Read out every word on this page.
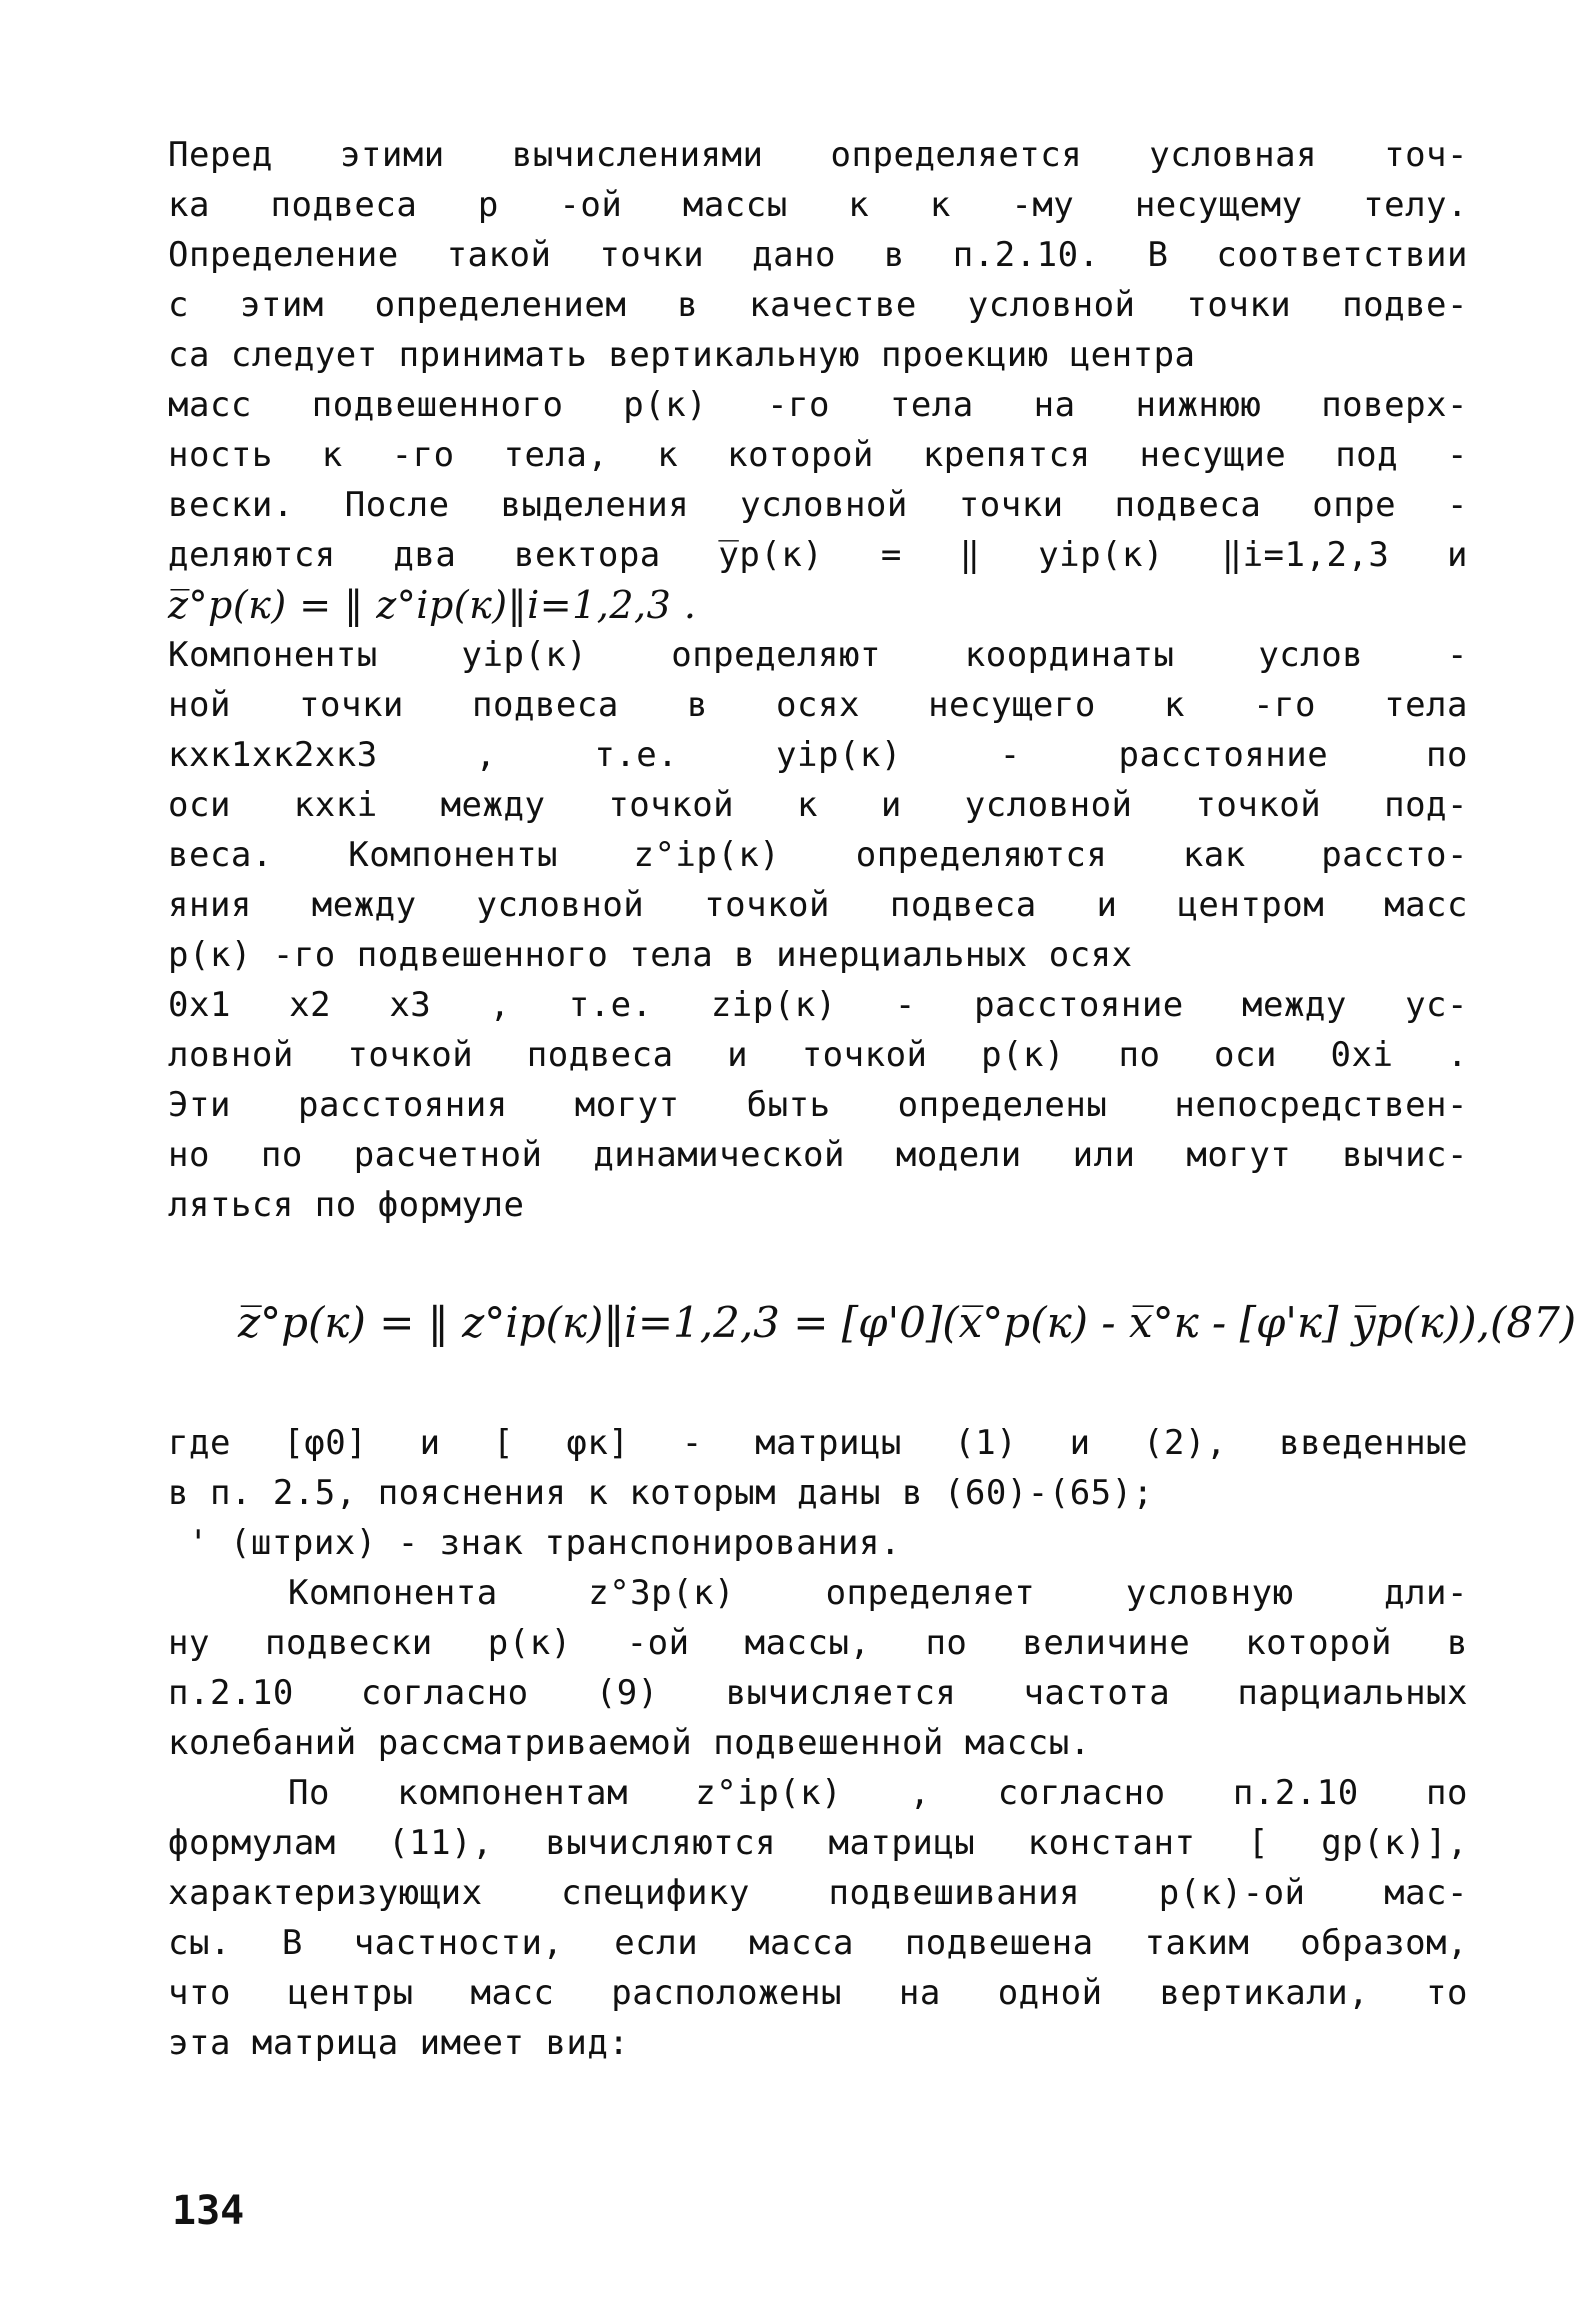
Перед этими вычислениями определяется условная точ-
ка подвеса p -ой массы к к -му несущему телу.
Определение такой точки дано в п.2.10. В соответствии
с этим определением в качестве условной точки подве-
са следует принимать вертикальную проекцию центра
масс подвешенного p(к) -го тела на нижнюю поверх-
ность к -го тела, к которой крепятся несущие под -
вески. После выделения условной точки подвеса опре -
деляются два вектора y̅p(к) = ‖ yip(к) ‖i=1,2,3 и
z̅°p(к) = ‖ z°ip(к)‖i=1,2,3 .
Компоненты yip(к) определяют координаты услов -
ной точки подвеса в осях несущего к -го тела
кxк1xк2xк3 , т.е. yip(к) - расстояние по
оси кxкi между точкой к и условной точкой под-
веса. Компоненты z°ip(к) определяются как рассто-
яния между условной точкой подвеса и центром масс
p(к) -го подвешенного тела в инерциальных осях
0x1 x2 x3 , т.е. zip(к) - расстояние между ус-
ловной точкой подвеса и точкой p(к) по оси 0xi .
Эти расстояния могут быть определены непосредствен-
но по расчетной динамической модели или могут вычис-
ляться по формуле
z̅°p(к) = ‖ z°ip(к)‖i=1,2,3 = [φ'0](x̅°p(к) - x̅°к - [φ'к] y̅p(к)),(87)
где [φ0] и [ φк] - матрицы (1) и (2), введенные
в п. 2.5, пояснения к которым даны в (60)-(65);
' (штрих) - знак транспонирования.
Компонента z°3p(к) определяет условную дли-
ну подвески p(к) -ой массы, по величине которой в
п.2.10 согласно (9) вычисляется частота парциальных
колебаний рассматриваемой подвешенной массы.
По компонентам z°ip(к) , согласно п.2.10 по
формулам (11), вычисляются матрицы констант [ gp(к)],
характеризующих специфику подвешивания p(к)-ой мас-
сы. В частности, если масса подвешена таким образом,
что центры масс расположены на одной вертикали, то
эта матрица имеет вид:
134
